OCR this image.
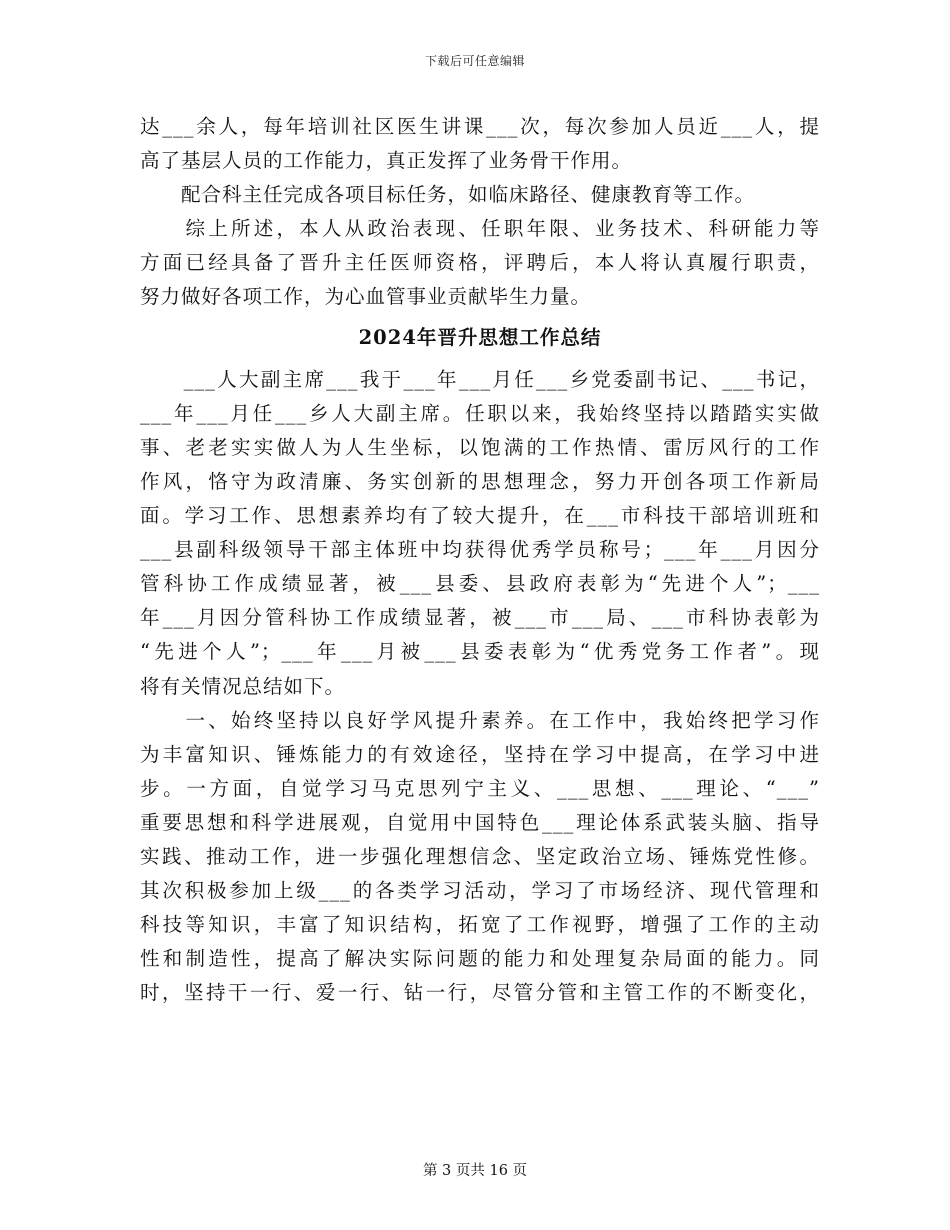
下载后可任意编辑
达___余人，每年培训社区医生讲课___次，每次参加人员近___人，提
高了基层人员的工作能力，真正发挥了业务骨干作用。
　　配合科主任完成各项目标任务，如临床路径、健康教育等工作。
　　综上所述，本人从政治表现、任职年限、业务技术、科研能力等
方面已经具备了晋升主任医师资格，评聘后，本人将认真履行职责，
努力做好各项工作，为心血管事业贡献毕生力量。
2024年晋升思想工作总结
　　___人大副主席___我于___年___月任___乡党委副书记、___书记，
___年___月任___乡人大副主席。任职以来，我始终坚持以踏踏实实做
事、老老实实做人为人生坐标，以饱满的工作热情、雷厉风行的工作
作风，恪守为政清廉、务实创新的思想理念，努力开创各项工作新局
面。学习工作、思想素养均有了较大提升，在___市科技干部培训班和
___县副科级领导干部主体班中均获得优秀学员称号；___年___月因分
管科协工作成绩显著，被___县委、县政府表彰为“先进个人”；___
年___月因分管科协工作成绩显著，被___市___局、___市科协表彰为
“先进个人”；___年___月被___县委表彰为“优秀党务工作者”。现
将有关情况总结如下。
　　一、始终坚持以良好学风提升素养。在工作中，我始终把学习作
为丰富知识、锤炼能力的有效途径，坚持在学习中提高，在学习中进
步。一方面，自觉学习马克思列宁主义、___思想、___理论、“___”
重要思想和科学进展观，自觉用中国特色___理论体系武装头脑、指导
实践、推动工作，进一步强化理想信念、坚定政治立场、锤炼党性修。
其次积极参加上级___的各类学习活动，学习了市场经济、现代管理和
科技等知识，丰富了知识结构，拓宽了工作视野，增强了工作的主动
性和制造性，提高了解决实际问题的能力和处理复杂局面的能力。同
时，坚持干一行、爱一行、钻一行，尽管分管和主管工作的不断变化，
第 3 页共 16 页
